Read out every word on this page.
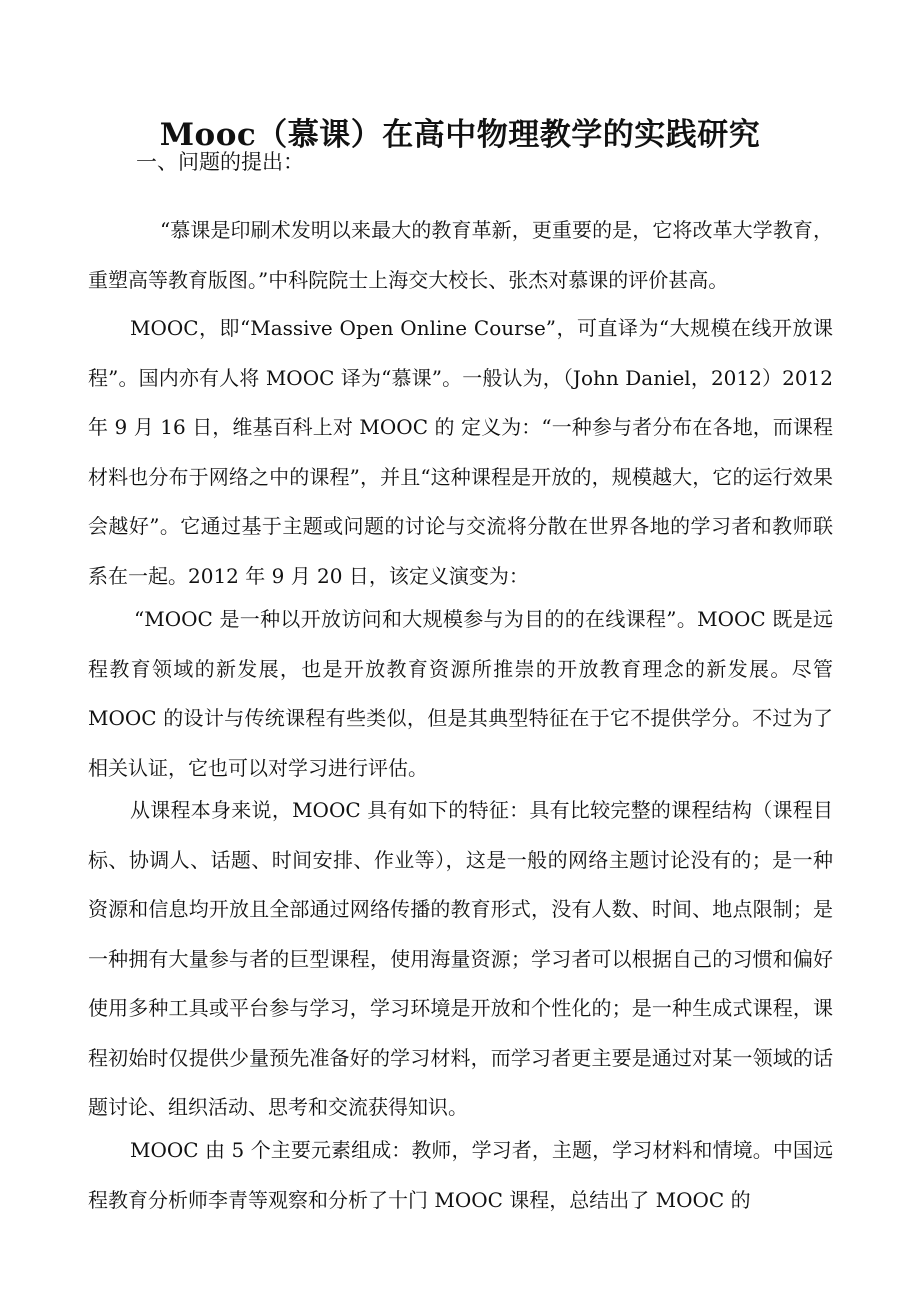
Mooc（慕课）在高中物理教学的实践研究
一、问题的提出：

“慕课是印刷术发明以来最大的教育革新，更重要的是，它将改革大学教育，重塑高等教育版图。”中科院院士上海交大校长、张杰对慕课的评价甚高。

MOOC，即“Massive Open Online Course”，可直译为“大规模在线开放课程”。国内亦有人将 MOOC 译为“慕课”。一般认为，（John Daniel，2012）2012 年 9 月 16 日，维基百科上对 MOOC 的 定义为：“一种参与者分布在各地，而课程材料也分布于网络之中的课程”，并且“这种课程是开放的，规模越大，它的运行效果会越好”。它通过基于主题或问题的讨论与交流将分散在世界各地的学习者和教师联系在一起。2012 年 9 月 20 日，该定义演变为：

“MOOC 是一种以开放访问和大规模参与为目的的在线课程”。MOOC 既是远程教育领域的新发展，也是开放教育资源所推崇的开放教育理念的新发展。尽管 MOOC 的设计与传统课程有些类似，但是其典型特征在于它不提供学分。不过为了相关认证，它也可以对学习进行评估。

从课程本身来说，MOOC 具有如下的特征：具有比较完整的课程结构（课程目标、协调人、话题、时间安排、作业等），这是一般的网络主题讨论没有的；是一种资源和信息均开放且全部通过网络传播的教育形式，没有人数、时间、地点限制；是一种拥有大量参与者的巨型课程，使用海量资源；学习者可以根据自己的习惯和偏好使用多种工具或平台参与学习，学习环境是开放和个性化的；是一种生成式课程，课程初始时仅提供少量预先准备好的学习材料，而学习者更主要是通过对某一领域的话题讨论、组织活动、思考和交流获得知识。

MOOC 由 5 个主要元素组成：教师，学习者，主题，学习材料和情境。中国远程教育分析师李青等观察和分析了十门 MOOC 课程，总结出了 MOOC 的
